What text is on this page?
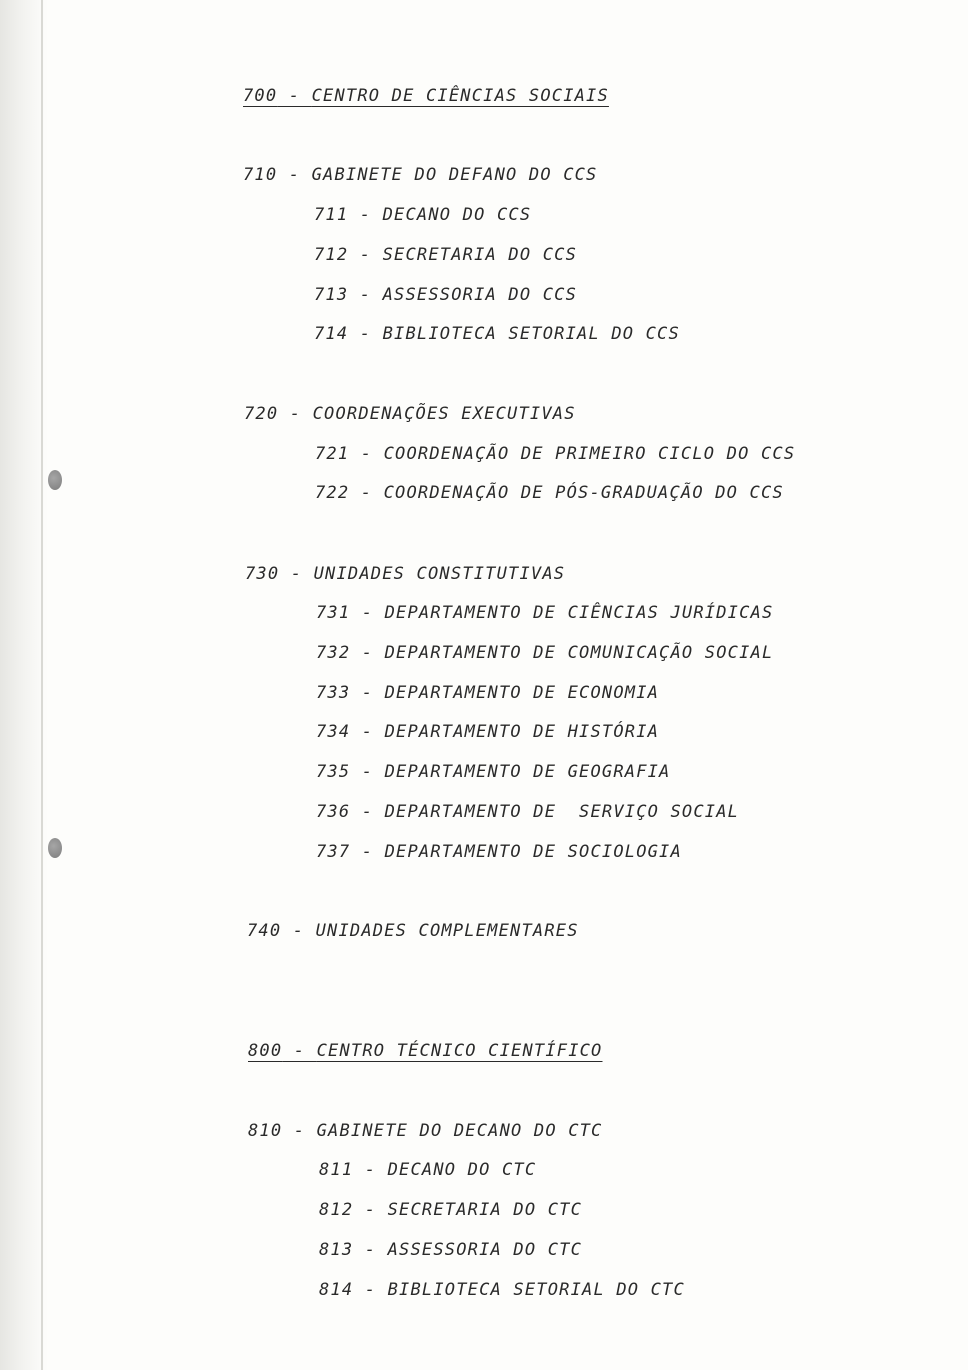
700 - CENTRO DE CIÊNCIAS SOCIAIS
710 - GABINETE DO DEFANO DO CCS
711 - DECANO DO CCS
712 - SECRETARIA DO CCS
713 - ASSESSORIA DO CCS
714 - BIBLIOTECA SETORIAL DO CCS
720 - COORDENAÇÕES EXECUTIVAS
721 - COORDENAÇÃO DE PRIMEIRO CICLO DO CCS
722 - COORDENAÇÃO DE PÓS-GRADUAÇÃO DO CCS
730 - UNIDADES CONSTITUTIVAS
731 - DEPARTAMENTO DE CIÊNCIAS JURÍDICAS
732 - DEPARTAMENTO DE COMUNICAÇÃO SOCIAL
733 - DEPARTAMENTO DE ECONOMIA
734 - DEPARTAMENTO DE HISTÓRIA
735 - DEPARTAMENTO DE GEOGRAFIA
736 - DEPARTAMENTO DE  SERVIÇO SOCIAL
737 - DEPARTAMENTO DE SOCIOLOGIA
740 - UNIDADES COMPLEMENTARES
800 - CENTRO TÉCNICO CIENTÍFICO
810 - GABINETE DO DECANO DO CTC
811 - DECANO DO CTC
812 - SECRETARIA DO CTC
813 - ASSESSORIA DO CTC
814 - BIBLIOTECA SETORIAL DO CTC
